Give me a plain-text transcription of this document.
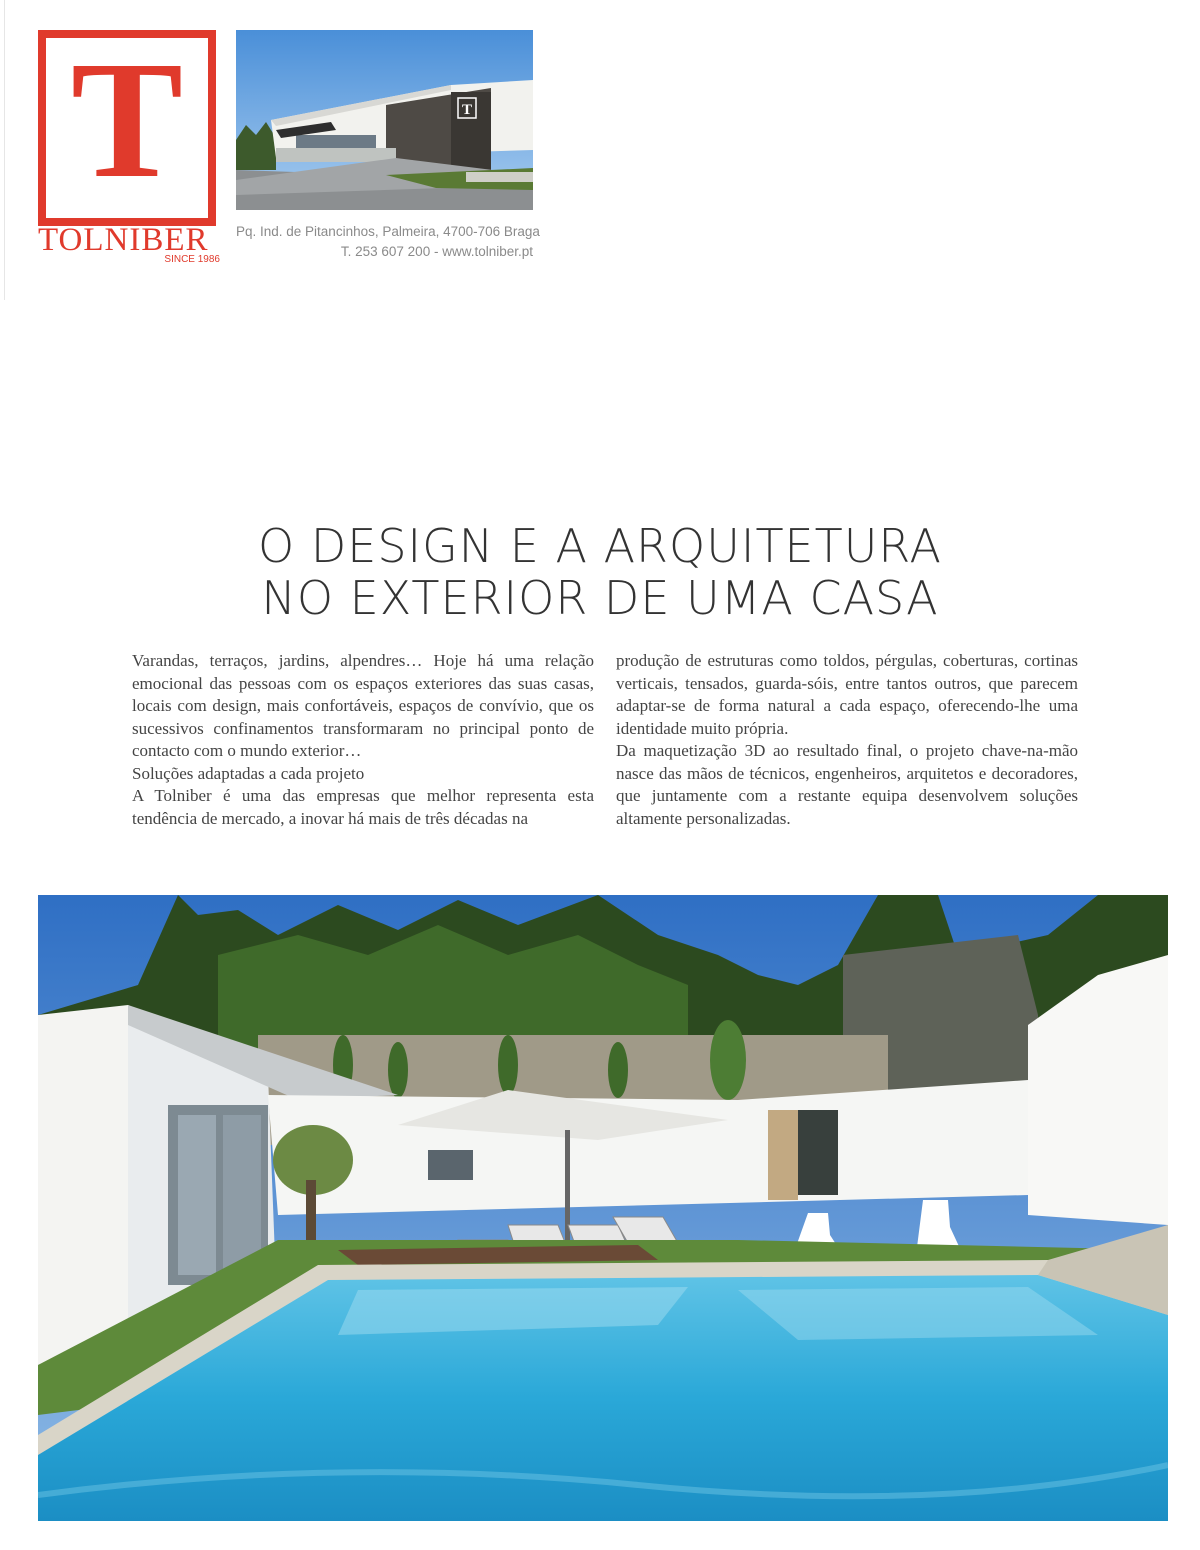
T
TOLNIBER
SINCE 1986
T
Pq. Ind. de Pitancinhos, Palmeira, 4700-706 Braga
T. 253 607 200 - www.tolniber.pt
O DESIGN E A ARQUITETURA
NO EXTERIOR DE UMA CASA

Varandas, terraços, jardins, alpendres… Hoje há uma relação emocional das pessoas com os espaços exteriores das suas casas, locais com design, mais confortáveis, espaços de convívio, que os sucessivos confinamentos transformaram no principal ponto de contacto com o mundo exterior…

Soluções adaptadas a cada projeto

A Tolniber é uma das empresas que melhor representa esta tendência de mercado, a inovar há mais de três décadas na

produção de estruturas como toldos, pérgulas, coberturas, cortinas verticais, tensados, guarda-sóis, entre tantos outros, que parecem adaptar-se de forma natural a cada espaço, oferecendo-lhe uma identidade muito própria.

Da maquetização 3D ao resultado final, o projeto chave-na-mão nasce das mãos de técnicos, engenheiros, arquitetos e decoradores, que juntamente com a restante equipa desenvolvem soluções altamente personalizadas.
